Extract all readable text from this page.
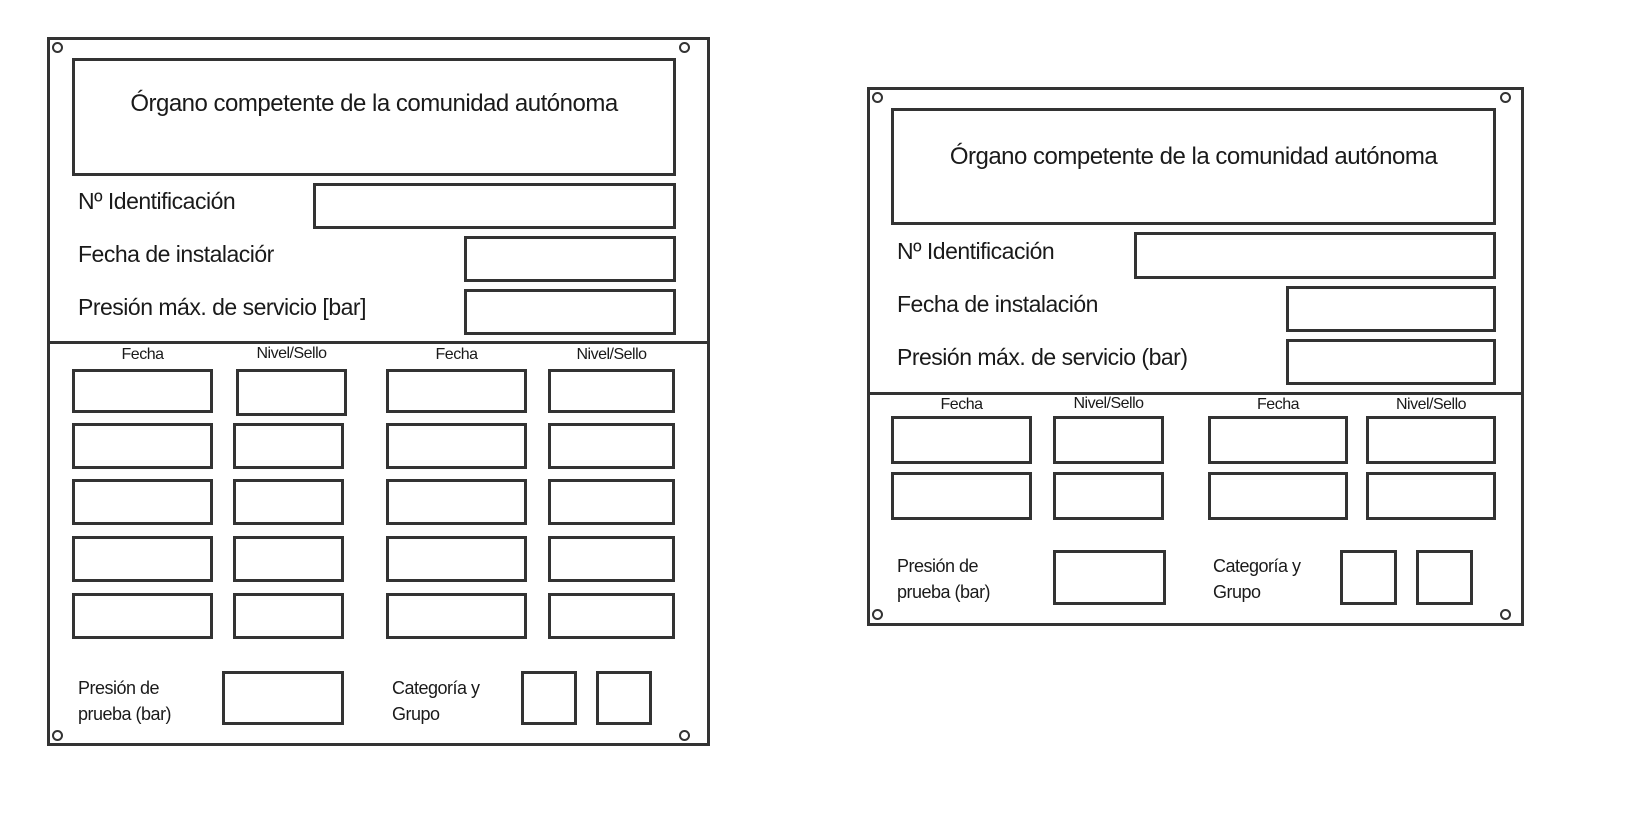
Órgano competente de la comunidad autónoma
Nº Identificación
Fecha de instalaciór
Presión máx. de servicio [bar]
Fecha	Nivel/Sello	Fecha	Nivel/Sello
Presión de
prueba (bar)
Categoría y
Grupo
Órgano competente de la comunidad autónoma
Nº Identificación
Fecha de instalación
Presión máx. de servicio (bar)
Fecha	Nivel/Sello	Fecha	Nivel/Sello
Presión de
prueba (bar)
Categoría y
Grupo
